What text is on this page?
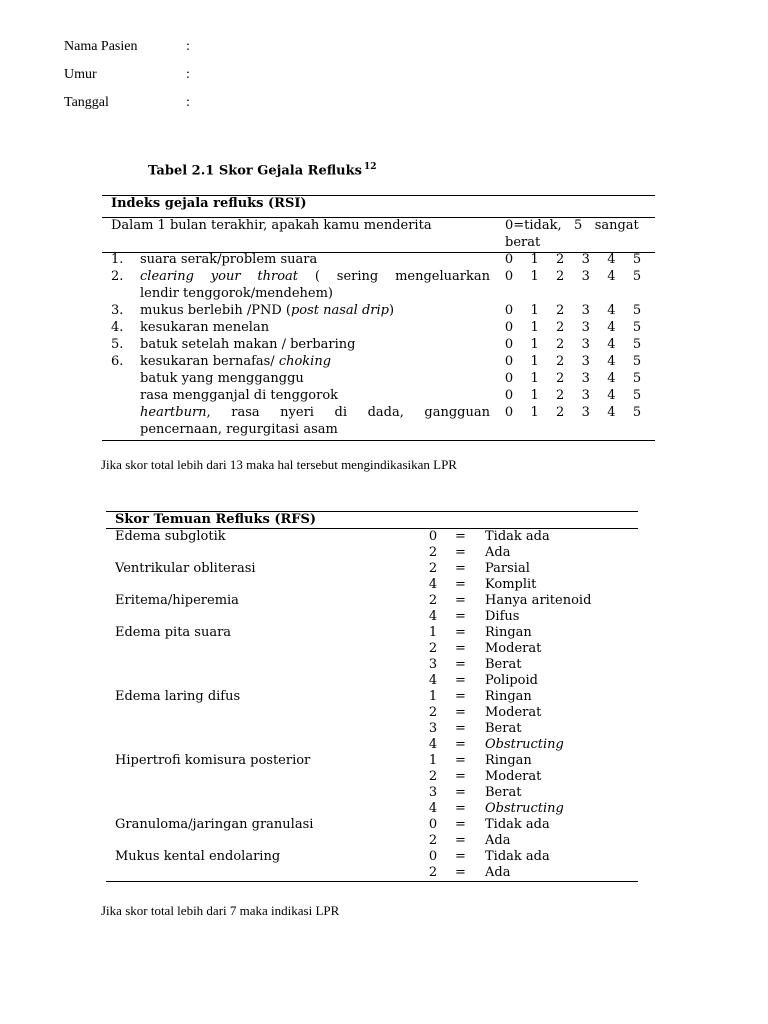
Nama Pasien	:
Umur	:
Tanggal	:
Tabel 2.1 Skor Gejala Refluks $^{12}$
Indeks gejala refluks (RSI)
Dalam 1 bulan terakhir, apakah kamu menderita	0=tidak,   5   sangat
berat
1. suara serak/problem suara	0 1 2 3 4 5
2. clearing your throat ( sering mengeluarkan 0 1 2 3 4 5
lendir tenggorok/mendehem)
3. mukus berlebih /PND (post nasal drip)	0 1 2 3 4 5
4. kesukaran menelan	0 1 2 3 4 5
5. batuk setelah makan / berbaring	0 1 2 3 4 5
6. kesukaran bernafas/ choking	0 1 2 3 4 5
batuk yang mengganggu	0 1 2 3 4 5
rasa mengganjal di tenggorok	0 1 2 3 4 5
heartburn, rasa nyeri di dada, gangguan 0 1 2 3 4 5
pencernaan, regurgitasi asam
Jika skor total lebih dari 13 maka hal tersebut mengindikasikan LPR
Skor Temuan Refluks (RFS)
Edema subglotik	0 = Tidak ada
2 = Ada
Ventrikular obliterasi	2 = Parsial
4 = Komplit
Eritema/hiperemia	2 = Hanya aritenoid
4 = Difus
Edema pita suara	1 = Ringan
2 = Moderat
3 = Berat
4 = Polipoid
Edema laring difus	1 = Ringan
2 = Moderat
3 = Berat
4 = Obstructing
Hipertrofi komisura posterior	1 = Ringan
2 = Moderat
3 = Berat
4 = Obstructing
Granuloma/jaringan granulasi	0 = Tidak ada
2 = Ada
Mukus kental endolaring	0 = Tidak ada
2 = Ada
Jika skor total lebih dari 7 maka indikasi LPR
